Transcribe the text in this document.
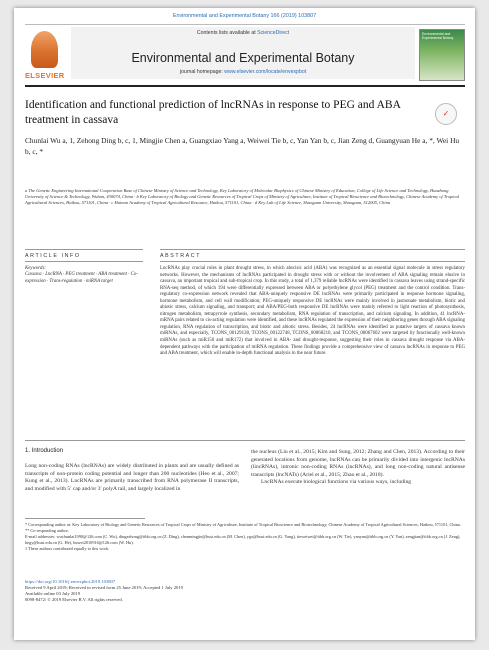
Environmental and Experimental Botany 166 (2019) 103807
ELSEVIER
Contents lists available at ScienceDirect
Environmental and Experimental Botany
journal homepage: www.elsevier.com/locate/envexpbot
Environmental and Experimental Botany
Identification and functional prediction of lncRNAs in response to PEG and ABA treatment in cassava	✓
Chunlai Wu a, 1, Zehong Ding b, c, 1, Mingjie Chen a, Guangxiao Yang a, Weiwei Tie b, c, Yan Yan b, c, Jian Zeng d, Guangyuan He a, *, Wei Hu b, c, *
a The Genetic Engineering International Cooperation Base of Chinese Ministry of Science and Technology, Key Laboratory of Molecular Biophysics of Chinese Ministry of Education, College of Life Science and Technology, Huazhong University of Science & Technology, Wuhan, 430074, China · b Key Laboratory of Biology and Genetic Resources of Tropical Crops of Ministry of Agriculture, Institute of Tropical Bioscience and Biotechnology, Chinese Academy of Tropical Agricultural Sciences, Haikou, 571101, China · c Hainan Academy of Tropical Agricultural Resource, Haikou, 571101, China · d Key Lab of Life Science, Shaoguan University, Shaoguan, 512005, China
ARTICLE INFO	ABSTRACT
Keywords:
Cassava · LncRNA · PEG treatment · ABA treatment · Co-expression · Trans-regulation · miRNA target
LncRNAs play crucial roles in plant drought stress, in which abscisic acid (ABA) was recognized as an essential signal molecule in stress regulatory networks. However, the mechanisms of lncRNAs participated in drought stress with or without the involvement of ABA signaling remain elusive in cassava, an important tropical and sub-tropical crop. In this study, a total of 1,379 reliable lncRNAs were identified in cassava leaves using strand-specific RNA-seq method, of which 194 were differentially expressed between ABA or polyethylene glycol (PEG) treatment and the control condition. Trans-regulatory co-expression network revealed that ABA-uniquely responsive DE lncRNAs were primarily participated in response hormone signaling, hormone metabolism, and cell wall modification; PEG-uniquely responsive DE lncRNAs were mainly involved in jasmonate metabolism, biotic and abiotic stress, calcium signaling, and transport; and ABA/PEG-both responsive DE lncRNAs were mainly referred to light reaction of photosynthesis, nitrogen metabolism, tetrapyrrole synthesis, secondary metabolism, RNA regulation of transcription, and calcium signaling. In addition, 41 lncRNA-mRNA pairs related to cis-acting regulation were identified, and these lncRNAs regulated the expression of their neighboring genes through ABA signaling regulation, RNA regulation of transcription, and biotic and abiotic stress. Besides, 24 lncRNAs were identified as putative targets of cassava known miRNAs, and especially, TCONS_00129138, TCONS_00122748, TCONS_00068210, and TCONS_00067602 were targeted by functionally well-known miRNAs (such as miR156 and miR172) that involved in ABA- and drought-response, suggesting their roles in cassava drought response via ABA-dependent pathways with the participation of miRNA regulation. These findings provide a comprehensive view of cassava lncRNAs in response to PEG and ABA treatment, which will enable in-depth functional analysis in the near future.
1. Introduction
Long non-coding RNAs (lncRNAs) are widely distributed in plants and are usually defined as transcripts of non-protein coding potential and longer than 200 nucleotides (Heo et al., 2007; Kung et al., 2013). LncRNAs are primarily transcribed from RNA polymerase II transcripts, and modified with 5′ cap and/or 3′ polyA tail, and largely localized in
the nucleus (Liu et al., 2015; Kim and Sung, 2012; Zhang and Chen, 2013). According to their generated locations from genome, lncRNAs can be primarily divided into intergenic lncRNAs (lincRNAs), intronic non-coding RNAs (incRNAs), and long non-coding natural antisense transcripts (lncNATs) (Ariel et al., 2015; Zhao et al., 2018).
LncRNAs execute biological functions via various ways, including
* Corresponding author at: Key Laboratory of Biology and Genetic Resources of Tropical Crops of Ministry of Agriculture, Institute of Tropical Bioscience and Biotechnology, Chinese Academy of Tropical Agricultural Sciences, Haikou, 571101, China.
** Co-responding author.
E-mail addresses: wuchunlai1990@126.com (C. Wu), dingzehong@itbb.org.cn (Z. Ding), chenmingjie@hust.edu.cn (M. Chen), ygx@hust.edu.cn (G. Yang), tieweiwei@itbb.org.cn (W. Tie), yanyan@itbb.org.cn (Y. Yan), zengjian@itbb.org.cn (J. Zeng), hegy@hust.edu.cn (G. He), huwei2010916@126.com (W. Hu).
1 These authors contributed equally to this work.
https://doi.org/10.1016/j.envexpbot.2019.103807
Received 9 April 2019; Received in revised form 25 June 2019; Accepted 1 July 2019
Available online 03 July 2019
0098-8472/ © 2019 Elsevier B.V. All rights reserved.
